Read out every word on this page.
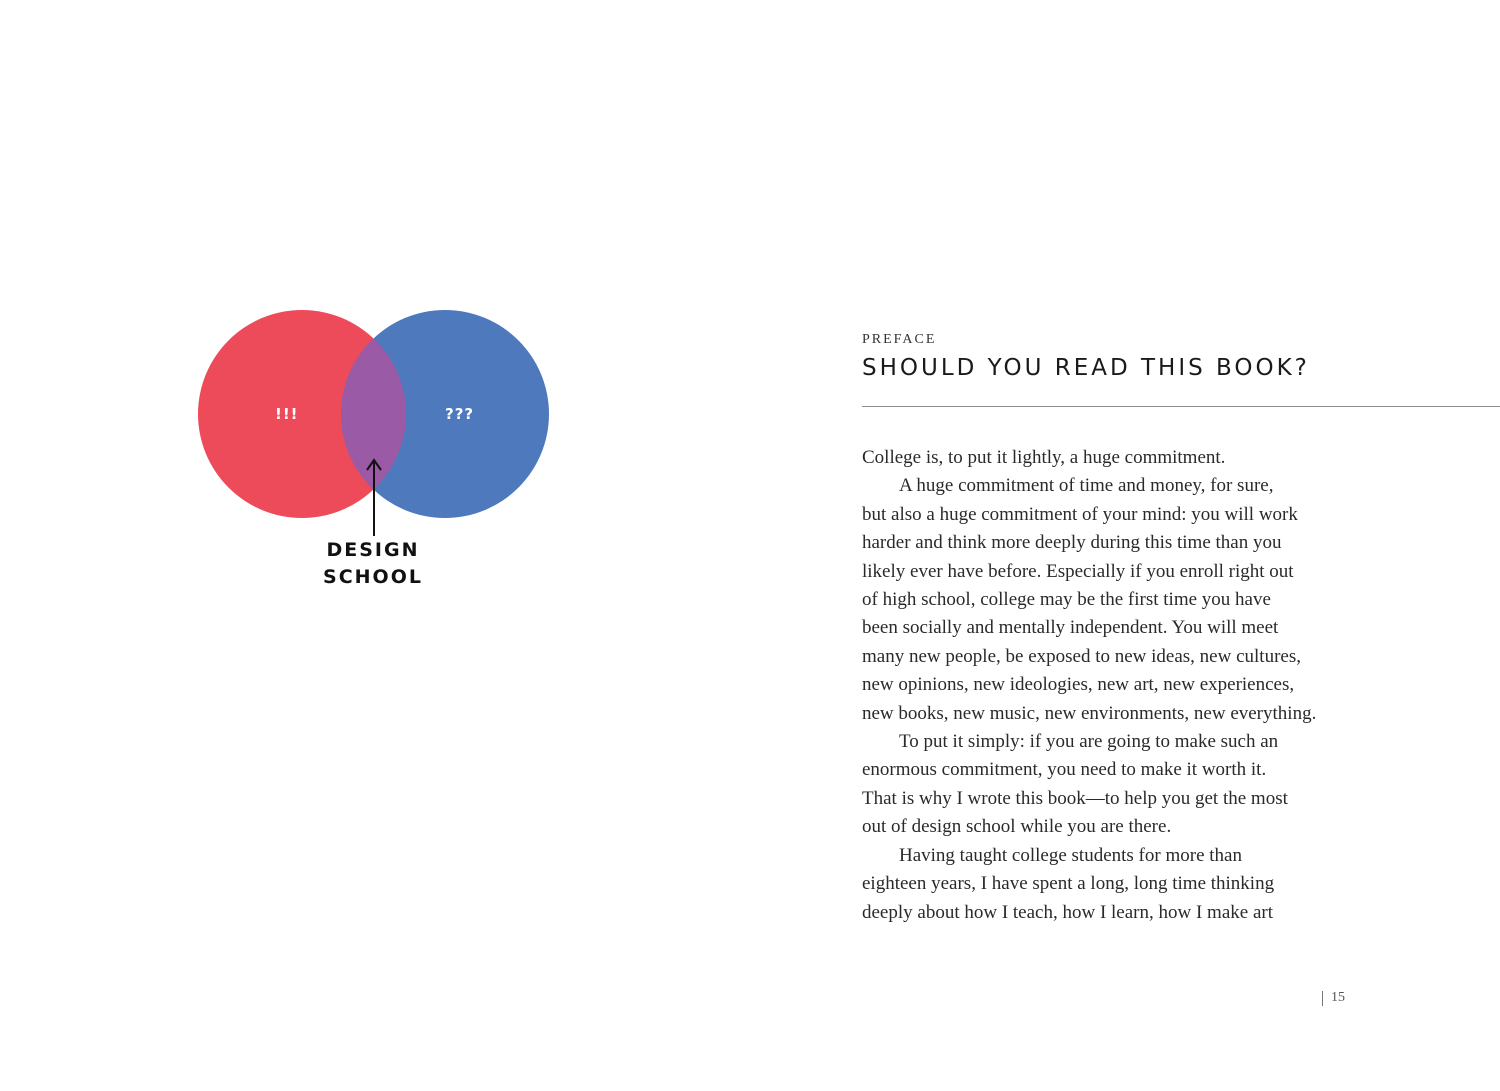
!!!	???
DESIGN
SCHOOL
PREFACE
SHOULD YOU READ THIS BOOK?

College is, to put it lightly, a huge commitment.

A huge commitment of time and money, for sure,
but also a huge commitment of your mind: you will work
harder and think more deeply during this time than you
likely ever have before. Especially if you enroll right out
of high school, college may be the first time you have
been socially and mentally independent. You will meet
many new people, be exposed to new ideas, new cultures,
new opinions, new ideologies, new art, new experiences,
new books, new music, new environments, new everything.

To put it simply: if you are going to make such an
enormous commitment, you need to make it worth it.
That is why I wrote this book—to help you get the most
out of design school while you are there.

Having taught college students for more than
eighteen years, I have spent a long, long time thinking
deeply about how I teach, how I learn, how I make art

15
